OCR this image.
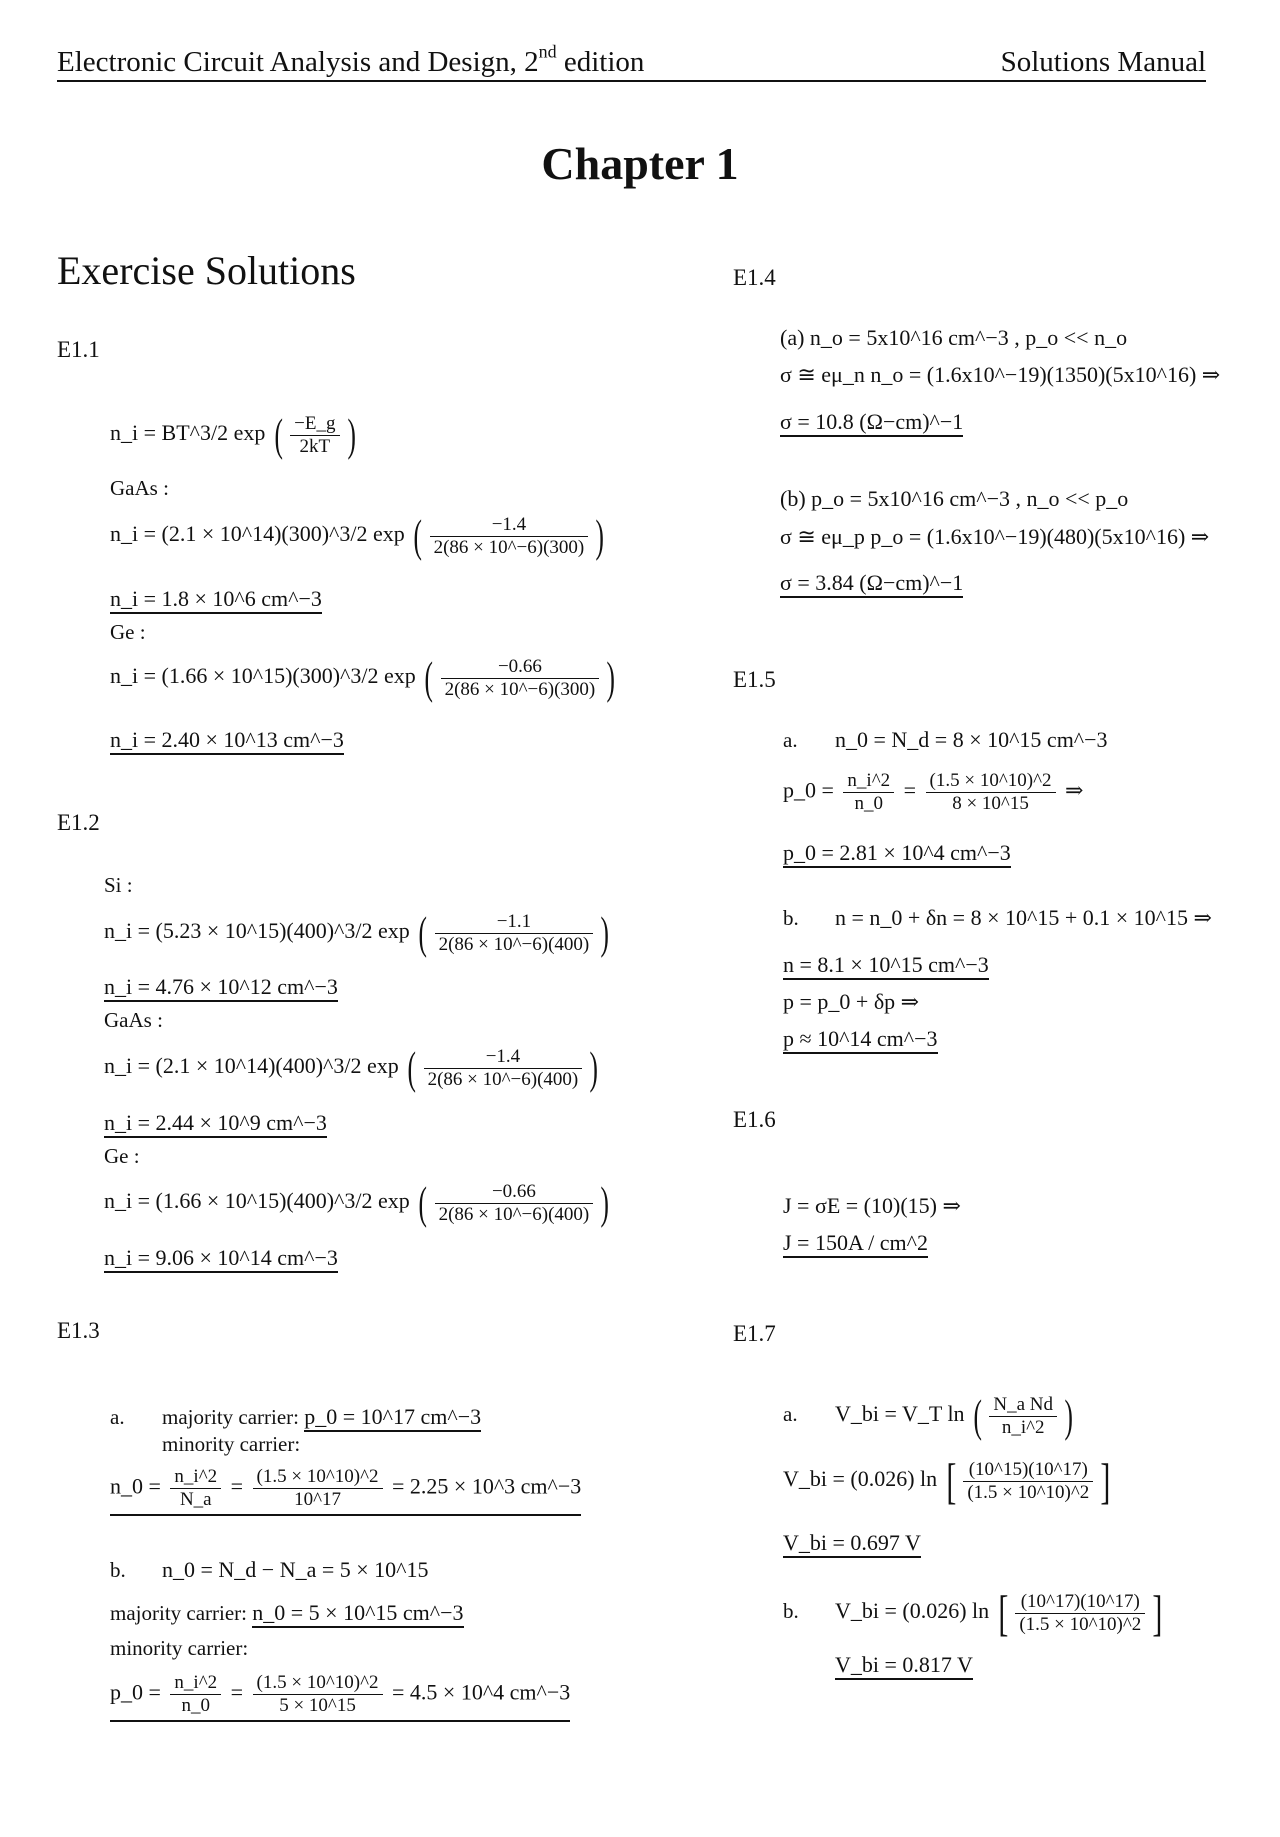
Electronic Circuit Analysis and Design, 2nd edition	Solutions Manual
Chapter 1
Exercise Solutions
E1.1
n_i = BT^3/2 exp ( $\frac{-E\_g}{2kT}$ )
GaAs :
n_i = (2.1 × 10^14)(300)^3/2 exp ( $\frac{-1.4}{2(86 \times 10\^{}-6)(300)}$ )
n_i = 1.8 × 10^6 cm^−3
Ge :
n_i = (1.66 × 10^15)(300)^3/2 exp ( $\frac{-0.66}{2(86 \times 10\^{}-6)(300)}$ )
n_i = 2.40 × 10^13 cm^−3
E1.2
Si :
n_i = (5.23 × 10^15)(400)^3/2 exp ( $\frac{-1.1}{2(86 \times 10\^{}-6)(400)}$ )
n_i = 4.76 × 10^12 cm^−3
GaAs :
n_i = (2.1 × 10^14)(400)^3/2 exp ( $\frac{-1.4}{2(86 \times 10\^{}-6)(400)}$ )
n_i = 2.44 × 10^9 cm^−3
Ge :
n_i = (1.66 × 10^15)(400)^3/2 exp ( $\frac{-0.66}{2(86 \times 10\^{}-6)(400)}$ )
n_i = 9.06 × 10^14 cm^−3
E1.3
a. majority carrier: p_0 = 10^17 cm^−3
minority carrier:
n_0 = $\frac{n\_i\^{}2}{N\_a} = \frac{(1.5 \times 10\^{}10)\^{}2}{10\^{}17} = 2.25$ × 10^3 cm^−3
b. n_0 = N_d − N_a = 5 × 10^15
majority carrier: n_0 = 5 × 10^15 cm^−3
minority carrier:
p_0 = $\frac{n\_i\^{}2}{n\_0} = \frac{(1.5 \times 10\^{}10)\^{}2}{5 \times 10\^{}15} = 4.5$ × 10^4 cm^−3
E1.4
(a) n_o = 5x10^16 cm^−3 , p_o << n_o
σ ≅ eμ_n n_o = (1.6x10^−19)(1350)(5x10^16) ⇒
σ = 10.8 (Ω−cm)^−1
(b) p_o = 5x10^16 cm^−3 , n_o << p_o
σ ≅ eμ_p p_o = (1.6x10^−19)(480)(5x10^16) ⇒
σ = 3.84 (Ω−cm)^−1
E1.5
a. n_0 = N_d = 8 × 10^15 cm^−3
p_0 = $\frac{n\_i\^{}2}{n\_0} = \frac{(1.5 \times 10\^{}10)\^{}2}{8 \times 10\^{}15}$ ⇒
p_0 = 2.81 × 10^4 cm^−3
b. n = n_0 + δn = 8 × 10^15 + 0.1 × 10^15 ⇒
n = 8.1 × 10^15 cm^−3
p = p_0 + δp ⇒
p ≈ 10^14 cm^−3
E1.6
J = σE = (10)(15) ⇒
J = 150A / cm^2
E1.7
a. V_bi = V_T ln ( $\frac{\text{N\_a Nd}}{n\_i\^{}2}$ )
V_bi = (0.026) ln [ $\frac{(10\^{}15)(10\^{}17)}{(1.5 \times 10\^{}10)\^{}2}$ ]
V_bi = 0.697 V
b. V_bi = (0.026) ln [ $\frac{(10\^{}17)(10\^{}17)}{(1.5 \times 10\^{}10)\^{}2}$ ]
V_bi = 0.817 V
